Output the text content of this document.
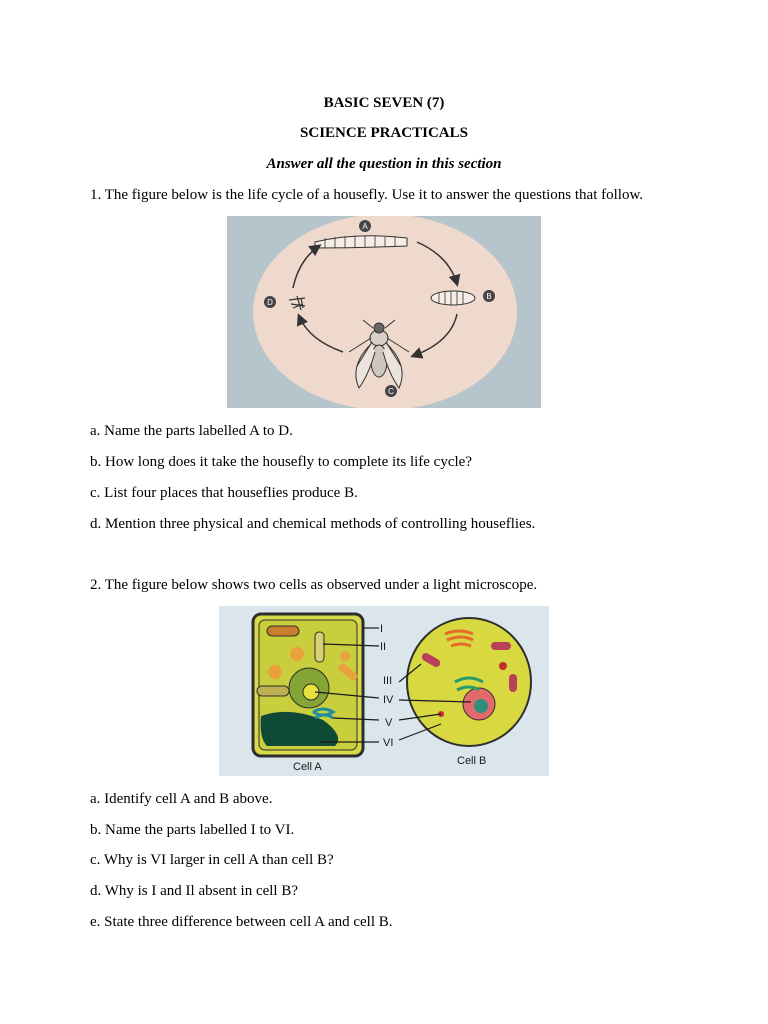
BASIC SEVEN (7)
SCIENCE PRACTICALS
Answer all the question in this section
1. The figure below is the life cycle of a housefly. Use it to answer the questions that follow.
A
B
C
D
a. Name the parts labelled A to D.
b. How long does it take the housefly to complete its life cycle?
c. List four places that houseflies produce B.
d. Mention three physical and chemical methods of controlling houseflies.
2. The figure below shows two cells as observed under a light microscope.
I
II
III
IV
V
VI
Cell A	Cell B
a. Identify cell A and B above.
b. Name the parts labelled I to VI.
c. Why is VI larger in cell A than cell B?
d. Why is I and Il absent in cell B?
e. State three difference between cell A and cell B.
